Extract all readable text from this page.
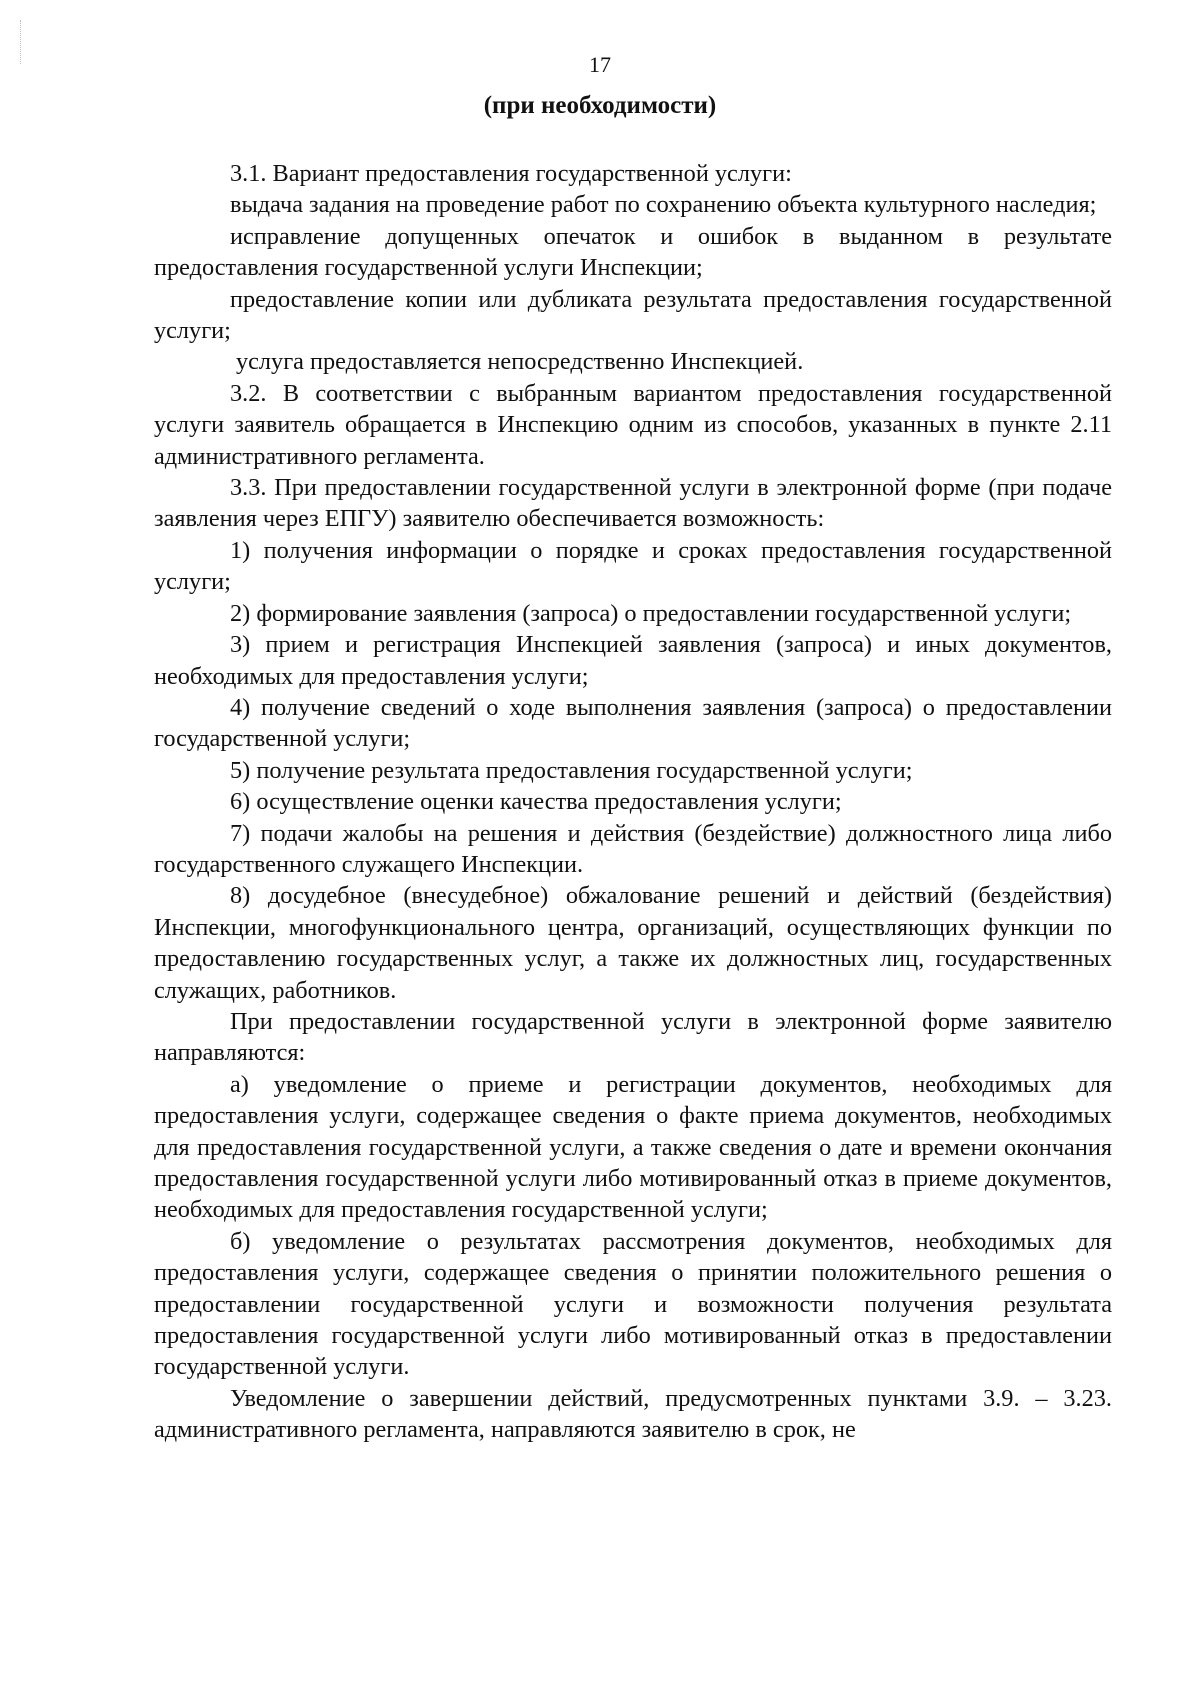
17
(при необходимости)

3.1. Вариант предоставления государственной услуги:

выдача задания на проведение работ по сохранению объекта культурного наследия;

исправление допущенных опечаток и ошибок в выданном в результате предоставления государственной услуги Инспекции;

предоставление копии или дубликата результата предоставления государственной услуги;

услуга предоставляется непосредственно Инспекцией.

3.2. В соответствии с выбранным вариантом предоставления государственной услуги заявитель обращается в Инспекцию одним из способов, указанных в пункте 2.11 административного регламента.

3.3. При предоставлении государственной услуги в электронной форме (при подаче заявления через ЕПГУ) заявителю обеспечивается возможность:

1) получения информации о порядке и сроках предоставления государственной услуги;

2) формирование заявления (запроса) о предоставлении государственной услуги;

3) прием и регистрация Инспекцией заявления (запроса) и иных документов, необходимых для предоставления услуги;

4) получение сведений о ходе выполнения заявления (запроса) о предоставлении государственной услуги;

5) получение результата предоставления государственной услуги;

6) осуществление оценки качества предоставления услуги;

7) подачи жалобы на решения и действия (бездействие) должностного лица либо государственного служащего Инспекции.

8) досудебное (внесудебное) обжалование решений и действий (бездействия) Инспекции, многофункционального центра, организаций, осуществляющих функции по предоставлению государственных услуг, а также их должностных лиц, государственных служащих, работников.

При предоставлении государственной услуги в электронной форме заявителю направляются:

а) уведомление о приеме и регистрации документов, необходимых для предоставления услуги, содержащее сведения о факте приема документов, необходимых для предоставления государственной услуги, а также сведения о дате и времени окончания предоставления государственной услуги либо мотивированный отказ в приеме документов, необходимых для предоставления государственной услуги;

б) уведомление о результатах рассмотрения документов, необходимых для предоставления услуги, содержащее сведения о принятии положительного решения о предоставлении государственной услуги и возможности получения результата предоставления государственной услуги либо мотивированный отказ в предоставлении государственной услуги.

Уведомление о завершении действий, предусмотренных пунктами 3.9. – 3.23. административного регламента, направляются заявителю в срок, не
